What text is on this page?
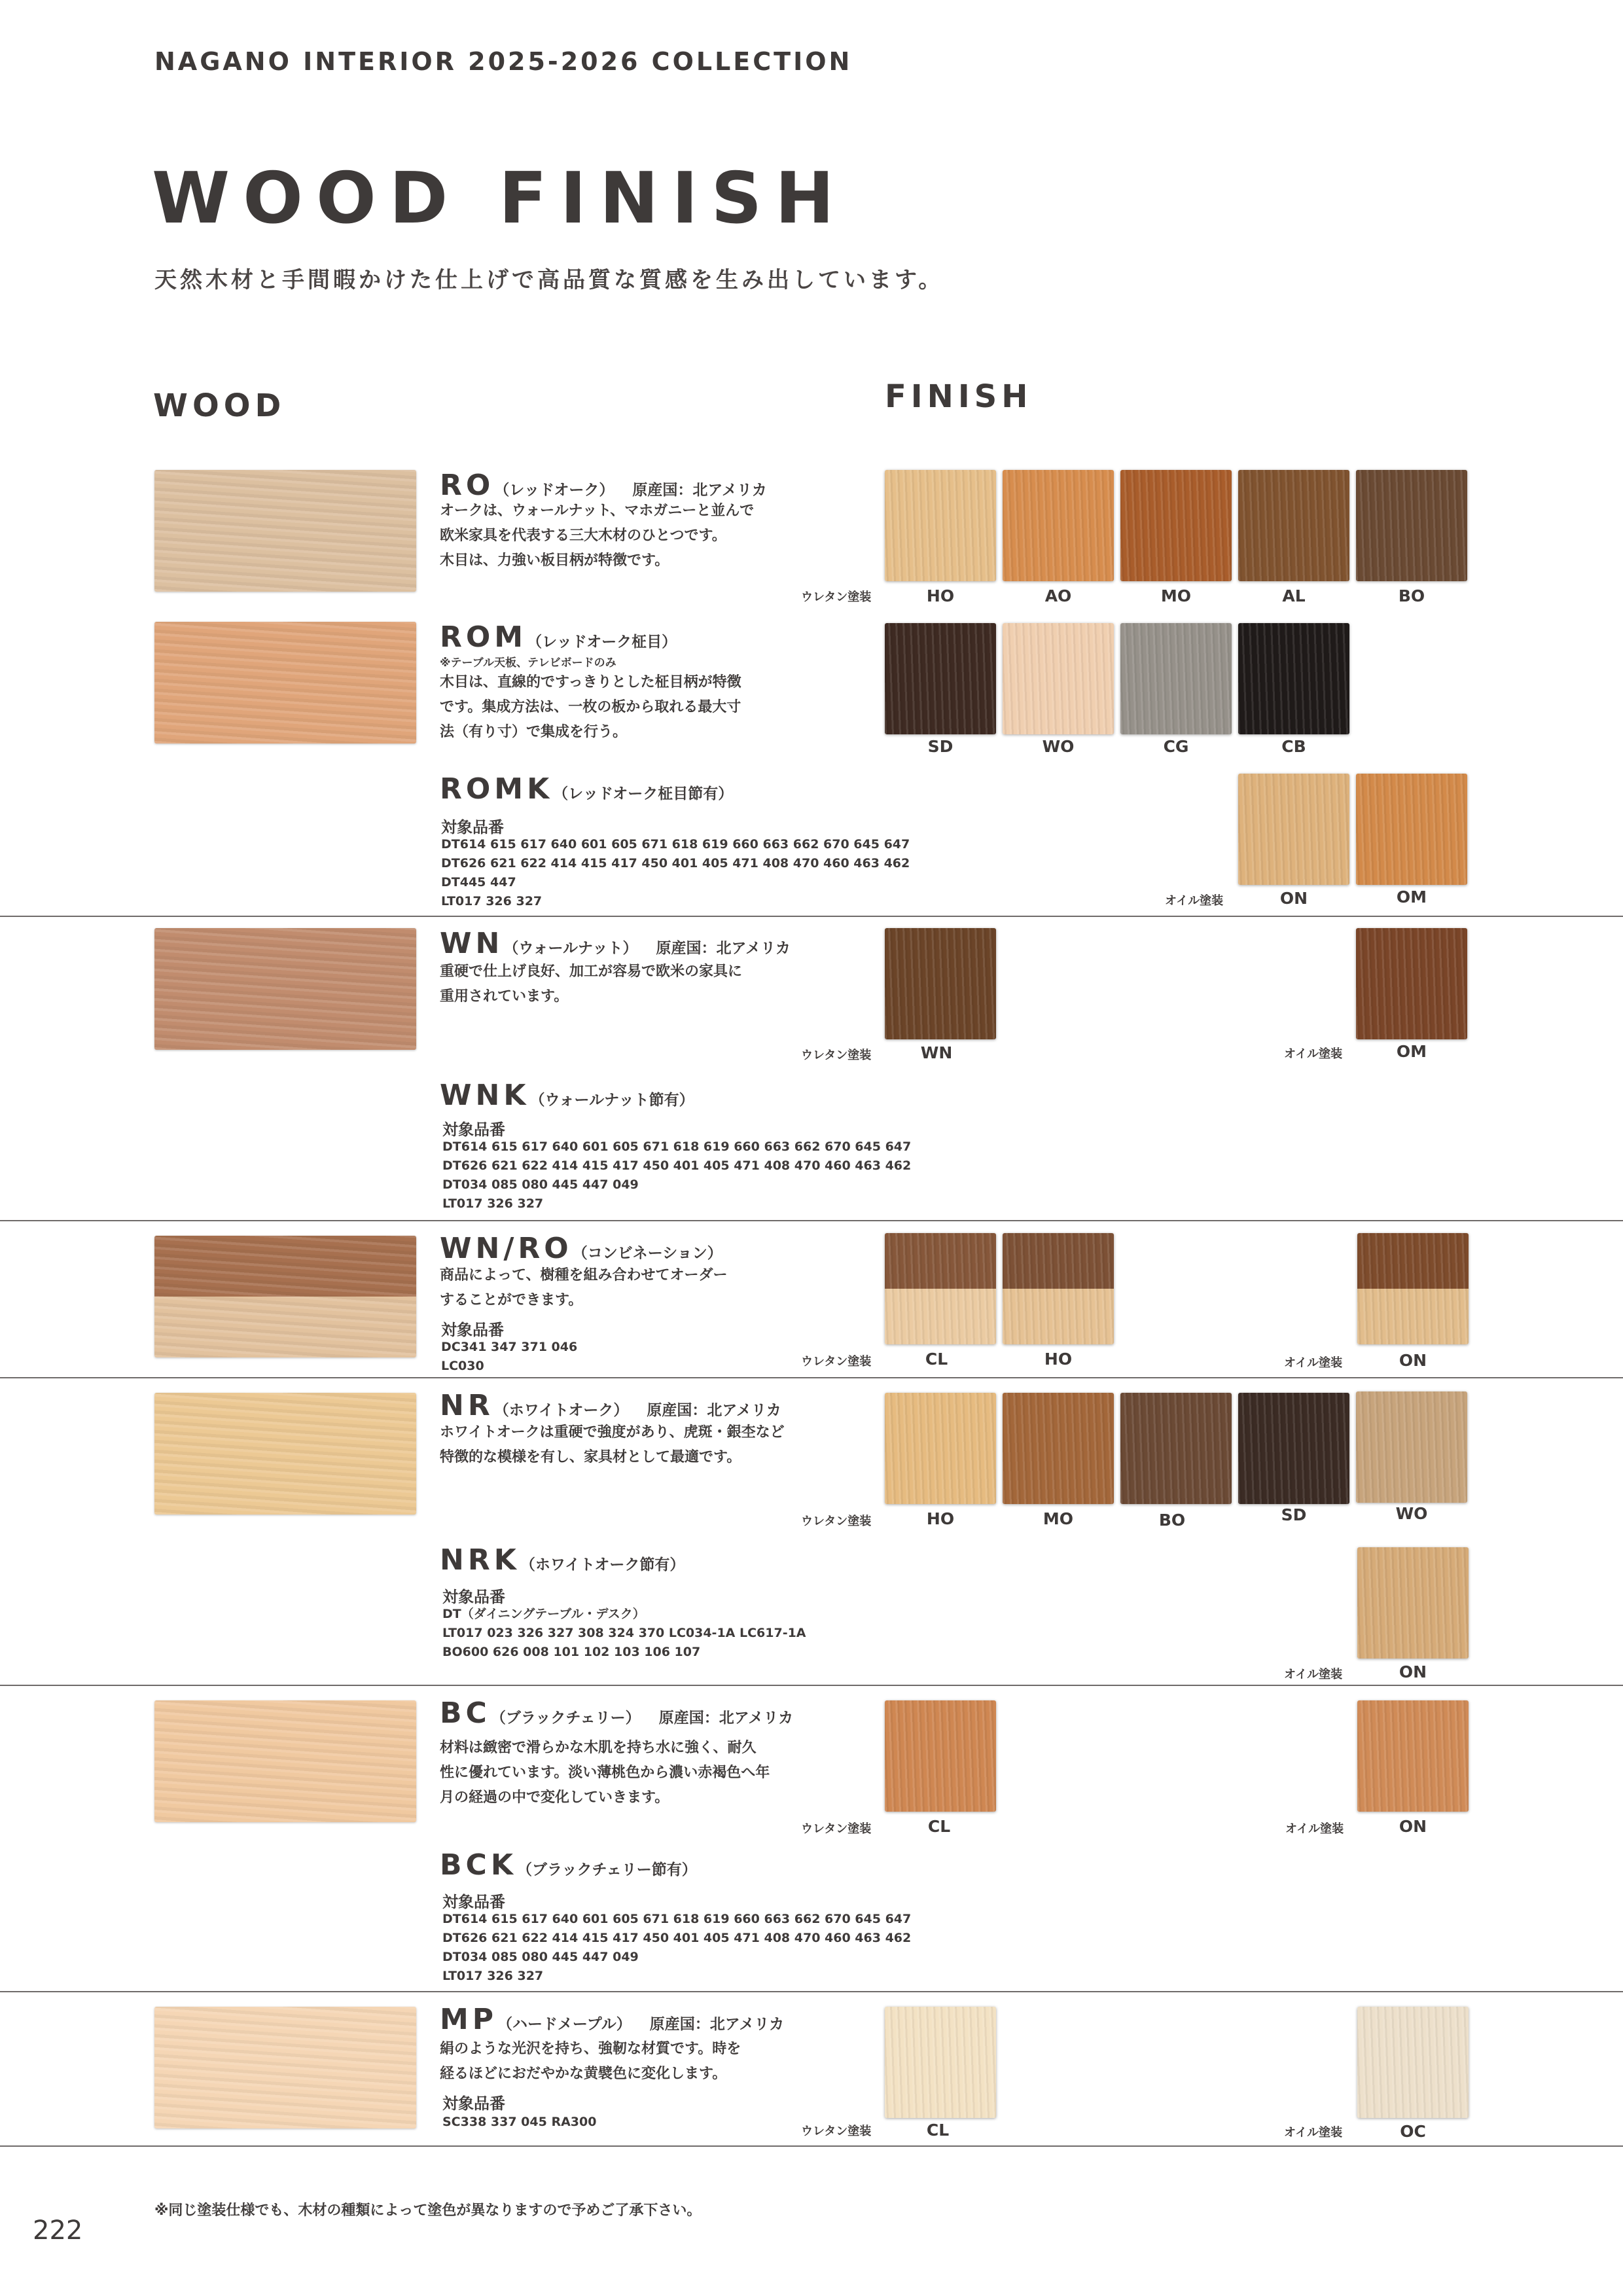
NAGANO INTERIOR 2025-2026 COLLECTION
WOOD FINISH
天然木材と手間暇かけた仕上げで高品質な質感を生み出しています。
WOOD	FINISH
RO（レッドオーク） 原産国：北アメリカ
オークは、ウォールナット、マホガニーと並んで
欧米家具を代表する三大木材のひとつです。
木目は、力強い板目柄が特徴です。
ROM（レッドオーク柾目）
※テーブル天板、テレビボードのみ
木目は、直線的ですっきりとした柾目柄が特徴
です。集成方法は、一枚の板から取れる最大寸
法（有り寸）で集成を行う。
ROMK（レッドオーク柾目節有）
対象品番
DT614 615 617 640 601 605 671 618 619 660 663 662 670 645 647
DT626 621 622 414 415 417 450 401 405 471 408 470 460 463 462
DT445 447
LT017 326 327
ウレタン塗装	HO	AO	MO	AL	BO
SD	WO	CG	CB
オイル塗装	ON	OM
WN（ウォールナット） 原産国：北アメリカ
重硬で仕上げ良好、加工が容易で欧米の家具に
重用されています。
WNK（ウォールナット節有）
対象品番
DT614 615 617 640 601 605 671 618 619 660 663 662 670 645 647
DT626 621 622 414 415 417 450 401 405 471 408 470 460 463 462
DT034 085 080 445 447 049
LT017 326 327
ウレタン塗装	WN	オイル塗装	OM
WN/RO（コンビネーション）
商品によって、樹種を組み合わせてオーダー
することができます。
対象品番
DC341 347 371 046
LC030	ウレタン塗装	CL	HO	オイル塗装	ON
NR（ホワイトオーク） 原産国：北アメリカ
ホワイトオークは重硬で強度があり、虎斑・銀杢など
特徴的な模様を有し、家具材として最適です。
NRK（ホワイトオーク節有）
対象品番
DT（ダイニングテーブル・デスク）
LT017 023 326 327 308 324 370 LC034-1A LC617-1A
BO600 626 008 101 102 103 106 107
ウレタン塗装	HO	MO	BO	SD	WO
オイル塗装	ON
BC（ブラックチェリー） 原産国：北アメリカ
材料は緻密で滑らかな木肌を持ち水に強く、耐久
性に優れています。淡い薄桃色から濃い赤褐色へ年
月の経過の中で変化していきます。
BCK（ブラックチェリー節有）
対象品番
DT614 615 617 640 601 605 671 618 619 660 663 662 670 645 647
DT626 621 622 414 415 417 450 401 405 471 408 470 460 463 462
DT034 085 080 445 447 049
LT017 326 327
ウレタン塗装	CL	オイル塗装	ON
MP（ハードメープル） 原産国：北アメリカ
絹のような光沢を持ち、強靭な材質です。時を
経るほどにおだやかな黄襞色に変化します。
対象品番
SC338 337 045 RA300
ウレタン塗装	CL	オイル塗装	OC
※同じ塗装仕様でも、木材の種類によって塗色が異なりますので予めご了承下さい。
222
